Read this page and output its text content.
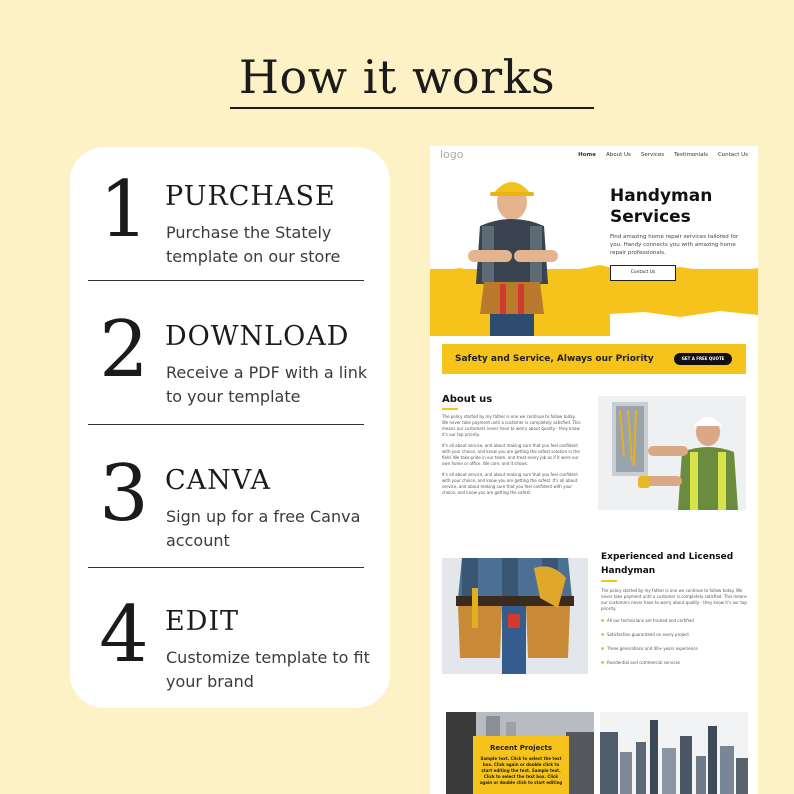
How it works
1 PURCHASE
Purchase the Stately template on our store
2 DOWNLOAD
Receive a PDF with a link to your template
3 CANVA
Sign up for a free Canva account
4 EDIT
Customize template to fit your brand
logo	Home About Us Services Testimonials Contact Us
Handyman
Services
Find amazing home repair services tailored for you. Handy connects you with amazing home repair professionals.
Contact Us
Safety and Service, Always our Priority	GET A FREE QUOTE
About us

The policy started by my father is one we continue to follow today. We never take payment until a customer is completely satisfied. This means our customers never have to worry about quality - they know it's our top priority.

It's all about service, and about making sure that you feel confident with your choice, and know you are getting the safest solution in the field. We take pride in our team, and treat every job as if it were our own home or office. We care, and it shows.

It's all about service, and about making sure that you feel confident with your choice, and know you are getting the safest. It's all about service, and about making sure that you feel confident with your choice, and know you are getting the safest.

Experienced and Licensed Handyman
The policy started by my father is one we continue to follow today. We never take payment until a customer is completely satisfied. This means our customers never have to worry about quality - they know it's our top priority.
All our technicians are trained and certified
Satisfaction guaranteed on every project
Three generations and 40+ years experience
Residential and commercial services
Recent Projects
Sample text. Click to select the text box. Click again or double click to start editing the text. Sample text. Click to select the text box. Click again or double click to start editing
